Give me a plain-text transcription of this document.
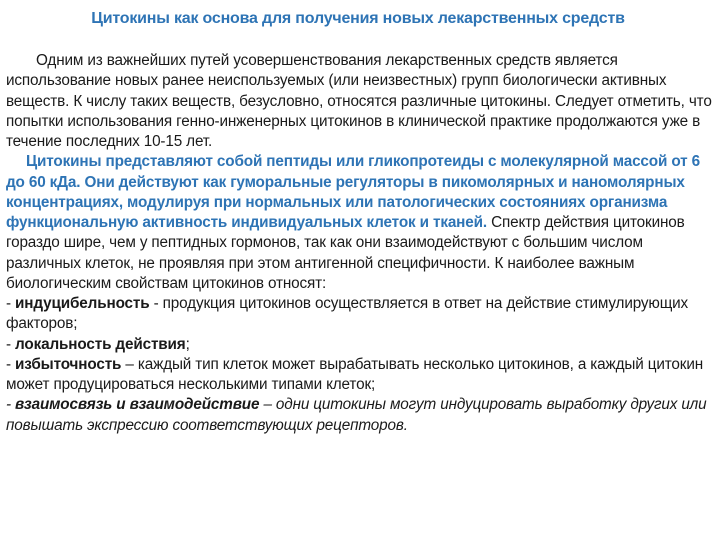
Цитокины как основа для получения новых лекарственных средств

Одним из важнейших путей усовершенствования лекарственных средств является использование новых ранее неиспользуемых (или неизвестных) групп биологически активных веществ. К числу таких веществ, безусловно, относятся различные цитокины. Следует отметить, что попытки использования генно-инженерных цитокинов в клинической практике продолжаются уже в течение последних 10-15 лет.

Цитокины представляют собой пептиды или гликопротеиды с молекулярной массой от 6 до 60 кДа. Они действуют как гуморальные регуляторы в пикомолярных и наномолярных концентрациях, модулируя при нормальных или патологических состояниях организма функциональную активность индивидуальных клеток и тканей. Спектр действия цитокинов гораздо шире, чем у пептидных гормонов, так как они взаимодействуют с большим числом различных клеток, не проявляя при этом антигенной специфичности. К наиболее важным биологическим свойствам цитокинов относят:

- индуцибельность - продукция цитокинов осуществляется в ответ на действие стимулирующих факторов;

- локальность действия;

- избыточность – каждый тип клеток может вырабатывать несколько цитокинов, а каждый цитокин может продуцироваться несколькими типами клеток;

- взаимосвязь и взаимодействие – одни цитокины могут индуцировать выработку других или повышать экспрессию соответствующих рецепторов.
